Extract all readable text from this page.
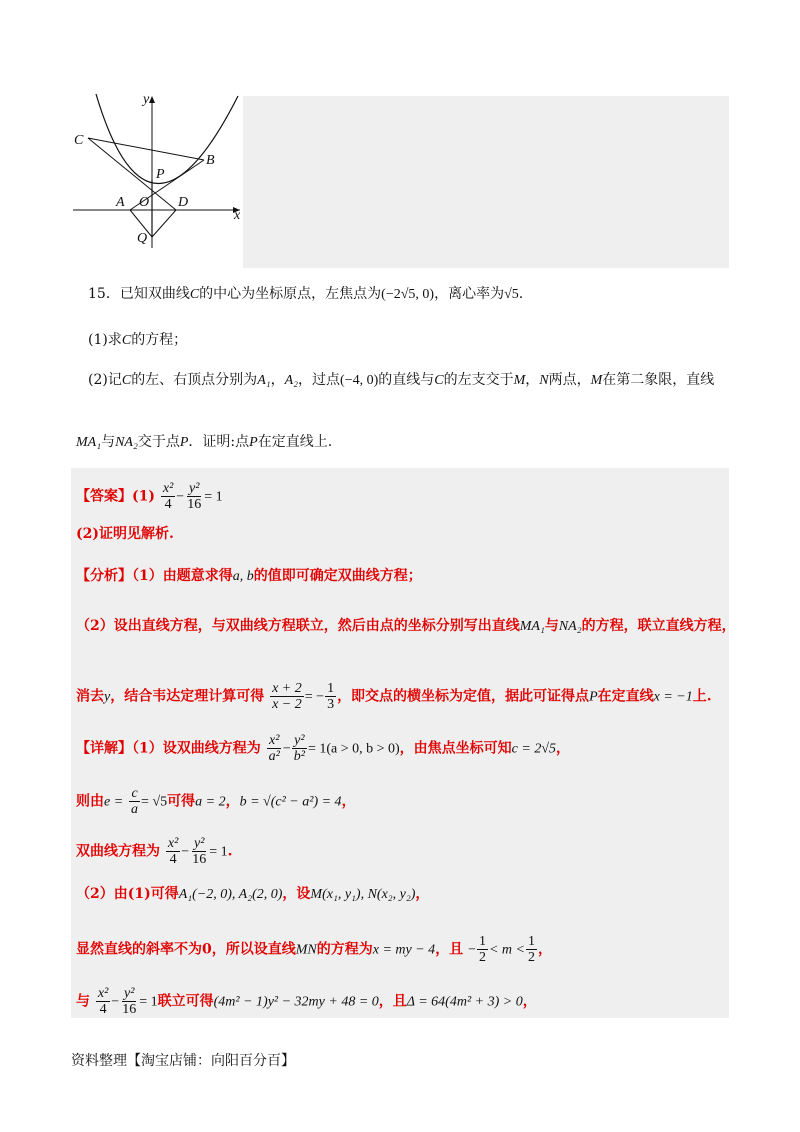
x
y
C
B
P
A O D
Q
15．已知双曲线C的中心为坐标原点，左焦点为(−2√5, 0)，离心率为√5.
(1)求C的方程；
(2)记C的左、右顶点分别为A₁，A₂，过点(−4, 0)的直线与C的左支交于M，N两点，M在第二象限，直线
MA₁与NA₂交于点P．证明:点P在定直线上.
【答案】$(1) \frac{\text{x²}}{4} - \frac{\text{y²}}{16} = 1$
(2)证明见解析.
【分析】（1）由题意求得a, b的值即可确定双曲线方程；
（2）设出直线方程，与双曲线方程联立，然后由点的坐标分别写出直线MA₁与NA₂的方程，联立直线方程，
消去y，结合韦达定理计算可得 $\frac{x + 2}{x - 2}$ = − $\frac{1}{3}$ ，即交点的横坐标为定值，据此可证得点P在定直线x = −1上.
【详解】（1）设双曲线方程为 $\frac{\text{x²}}{\text{a²}} - \frac{\text{y²}}{\text{b²}} = 1(a > 0$, b > 0)，由焦点坐标可知c = 2√5，
则由$e = \frac{c}{a} = √5$可得a = 2，b = √(c² − a²) = 4，
双曲线方程为 $\frac{\text{x²}}{4} - \frac{\text{y²}}{16} = 1$.
（2）由(1)可得A₁(−2, 0), A₂(2, 0)，设M(x₁, y₁), N(x₂, y₂)，
显然直线的斜率不为0，所以设直线MN的方程为x = my − 4，且 − $\frac{1}{2} < m < \frac{1}{2}$ ，
与 $\frac{\text{x²}}{4} - \frac{\text{y²}}{16} = 1$联立可得(4m² − 1)y² − 32my + 48 = 0，且Δ = 64(4m² + 3) > 0，
资料整理【淘宝店铺：向阳百分百】
